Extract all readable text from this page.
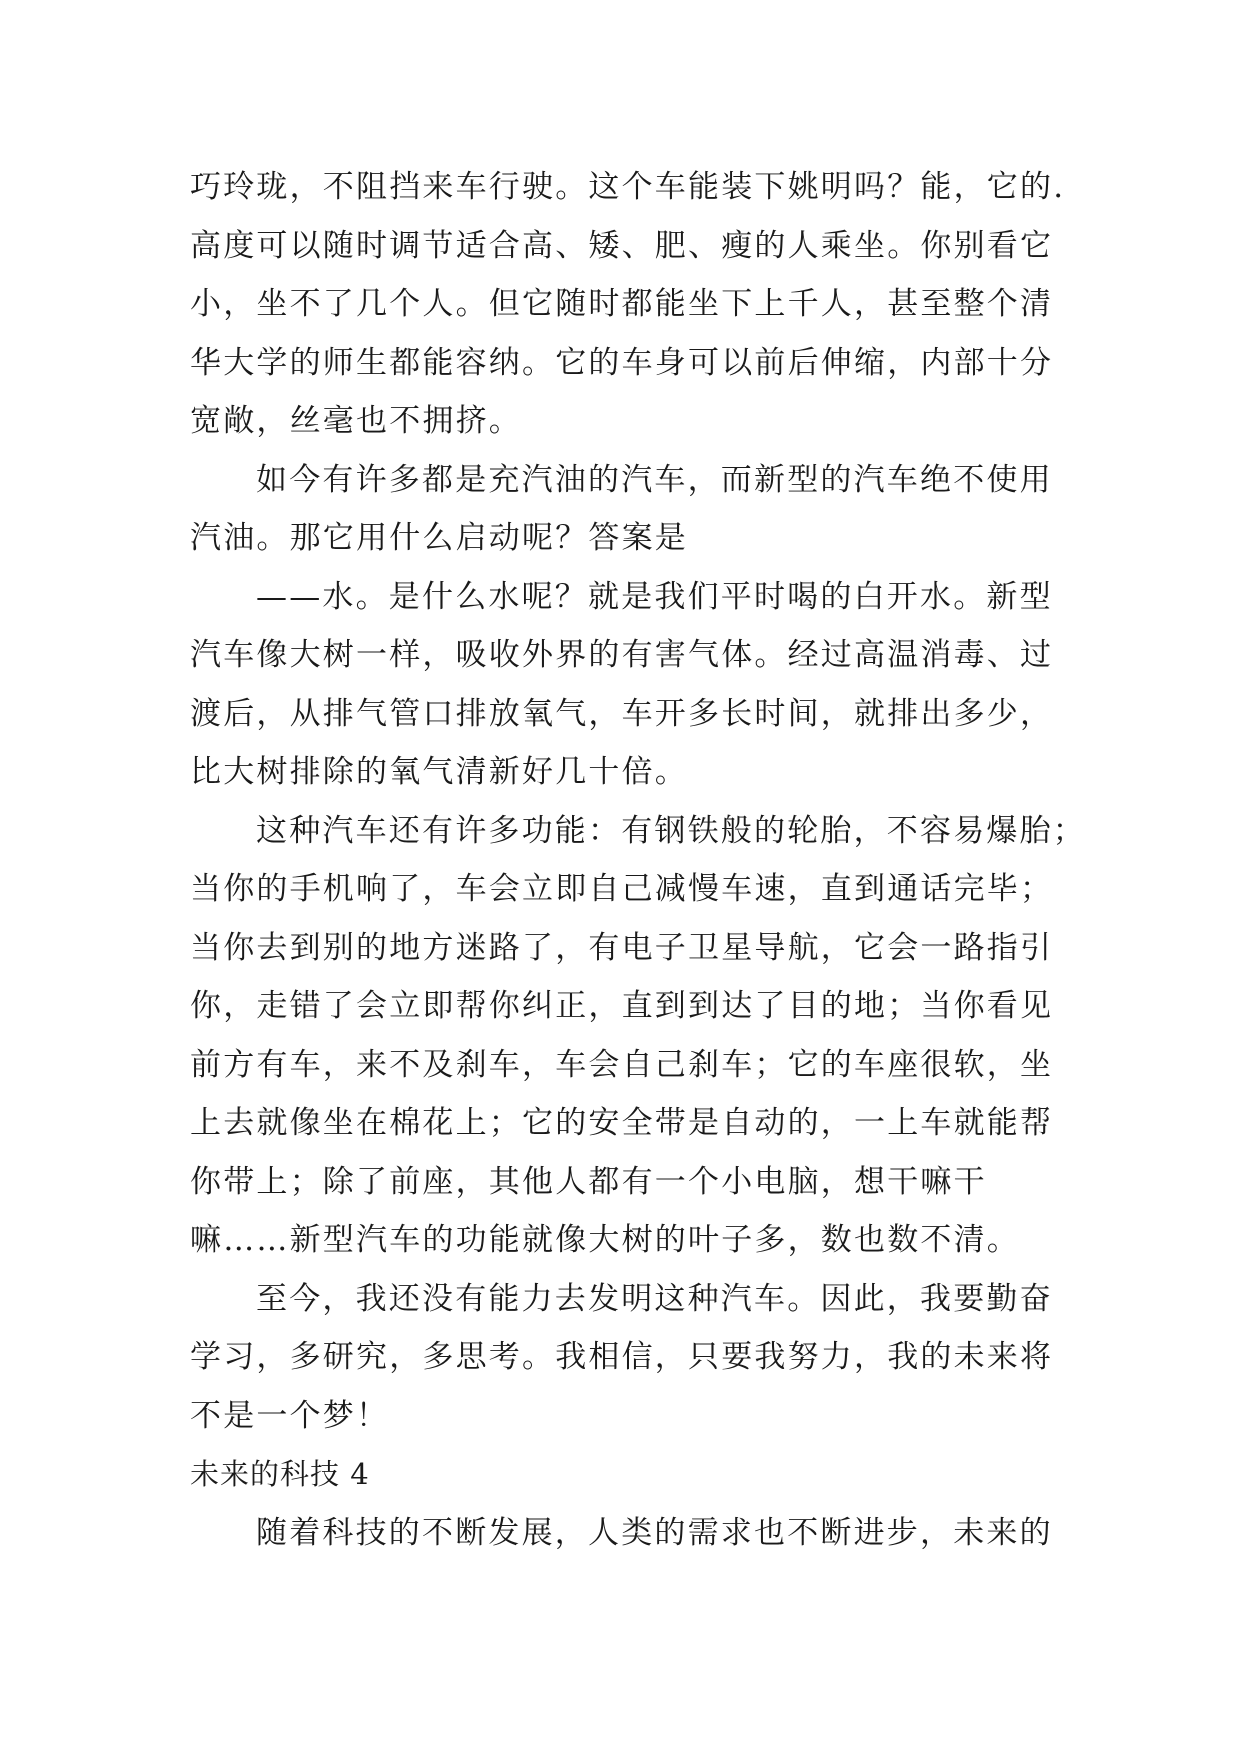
巧玲珑，不阻挡来车行驶。这个车能装下姚明吗？能，它的.
高度可以随时调节适合高、矮、肥、瘦的人乘坐。你别看它
小，坐不了几个人。但它随时都能坐下上千人，甚至整个清
华大学的师生都能容纳。它的车身可以前后伸缩，内部十分
宽敞，丝毫也不拥挤。
如今有许多都是充汽油的汽车，而新型的汽车绝不使用
汽油。那它用什么启动呢？答案是
——水。是什么水呢？就是我们平时喝的白开水。新型
汽车像大树一样，吸收外界的有害气体。经过高温消毒、过
渡后，从排气管口排放氧气，车开多长时间，就排出多少，
比大树排除的氧气清新好几十倍。
这种汽车还有许多功能：有钢铁般的轮胎，不容易爆胎；
当你的手机响了，车会立即自己减慢车速，直到通话完毕；
当你去到别的地方迷路了，有电子卫星导航，它会一路指引
你，走错了会立即帮你纠正，直到到达了目的地；当你看见
前方有车，来不及刹车，车会自己刹车；它的车座很软，坐
上去就像坐在棉花上；它的安全带是自动的，一上车就能帮
你带上；除了前座，其他人都有一个小电脑，想干嘛干
嘛……新型汽车的功能就像大树的叶子多，数也数不清。
至今，我还没有能力去发明这种汽车。因此，我要勤奋
学习，多研究，多思考。我相信，只要我努力，我的未来将
不是一个梦！
未来的科技 4
随着科技的不断发展，人类的需求也不断进步，未来的
